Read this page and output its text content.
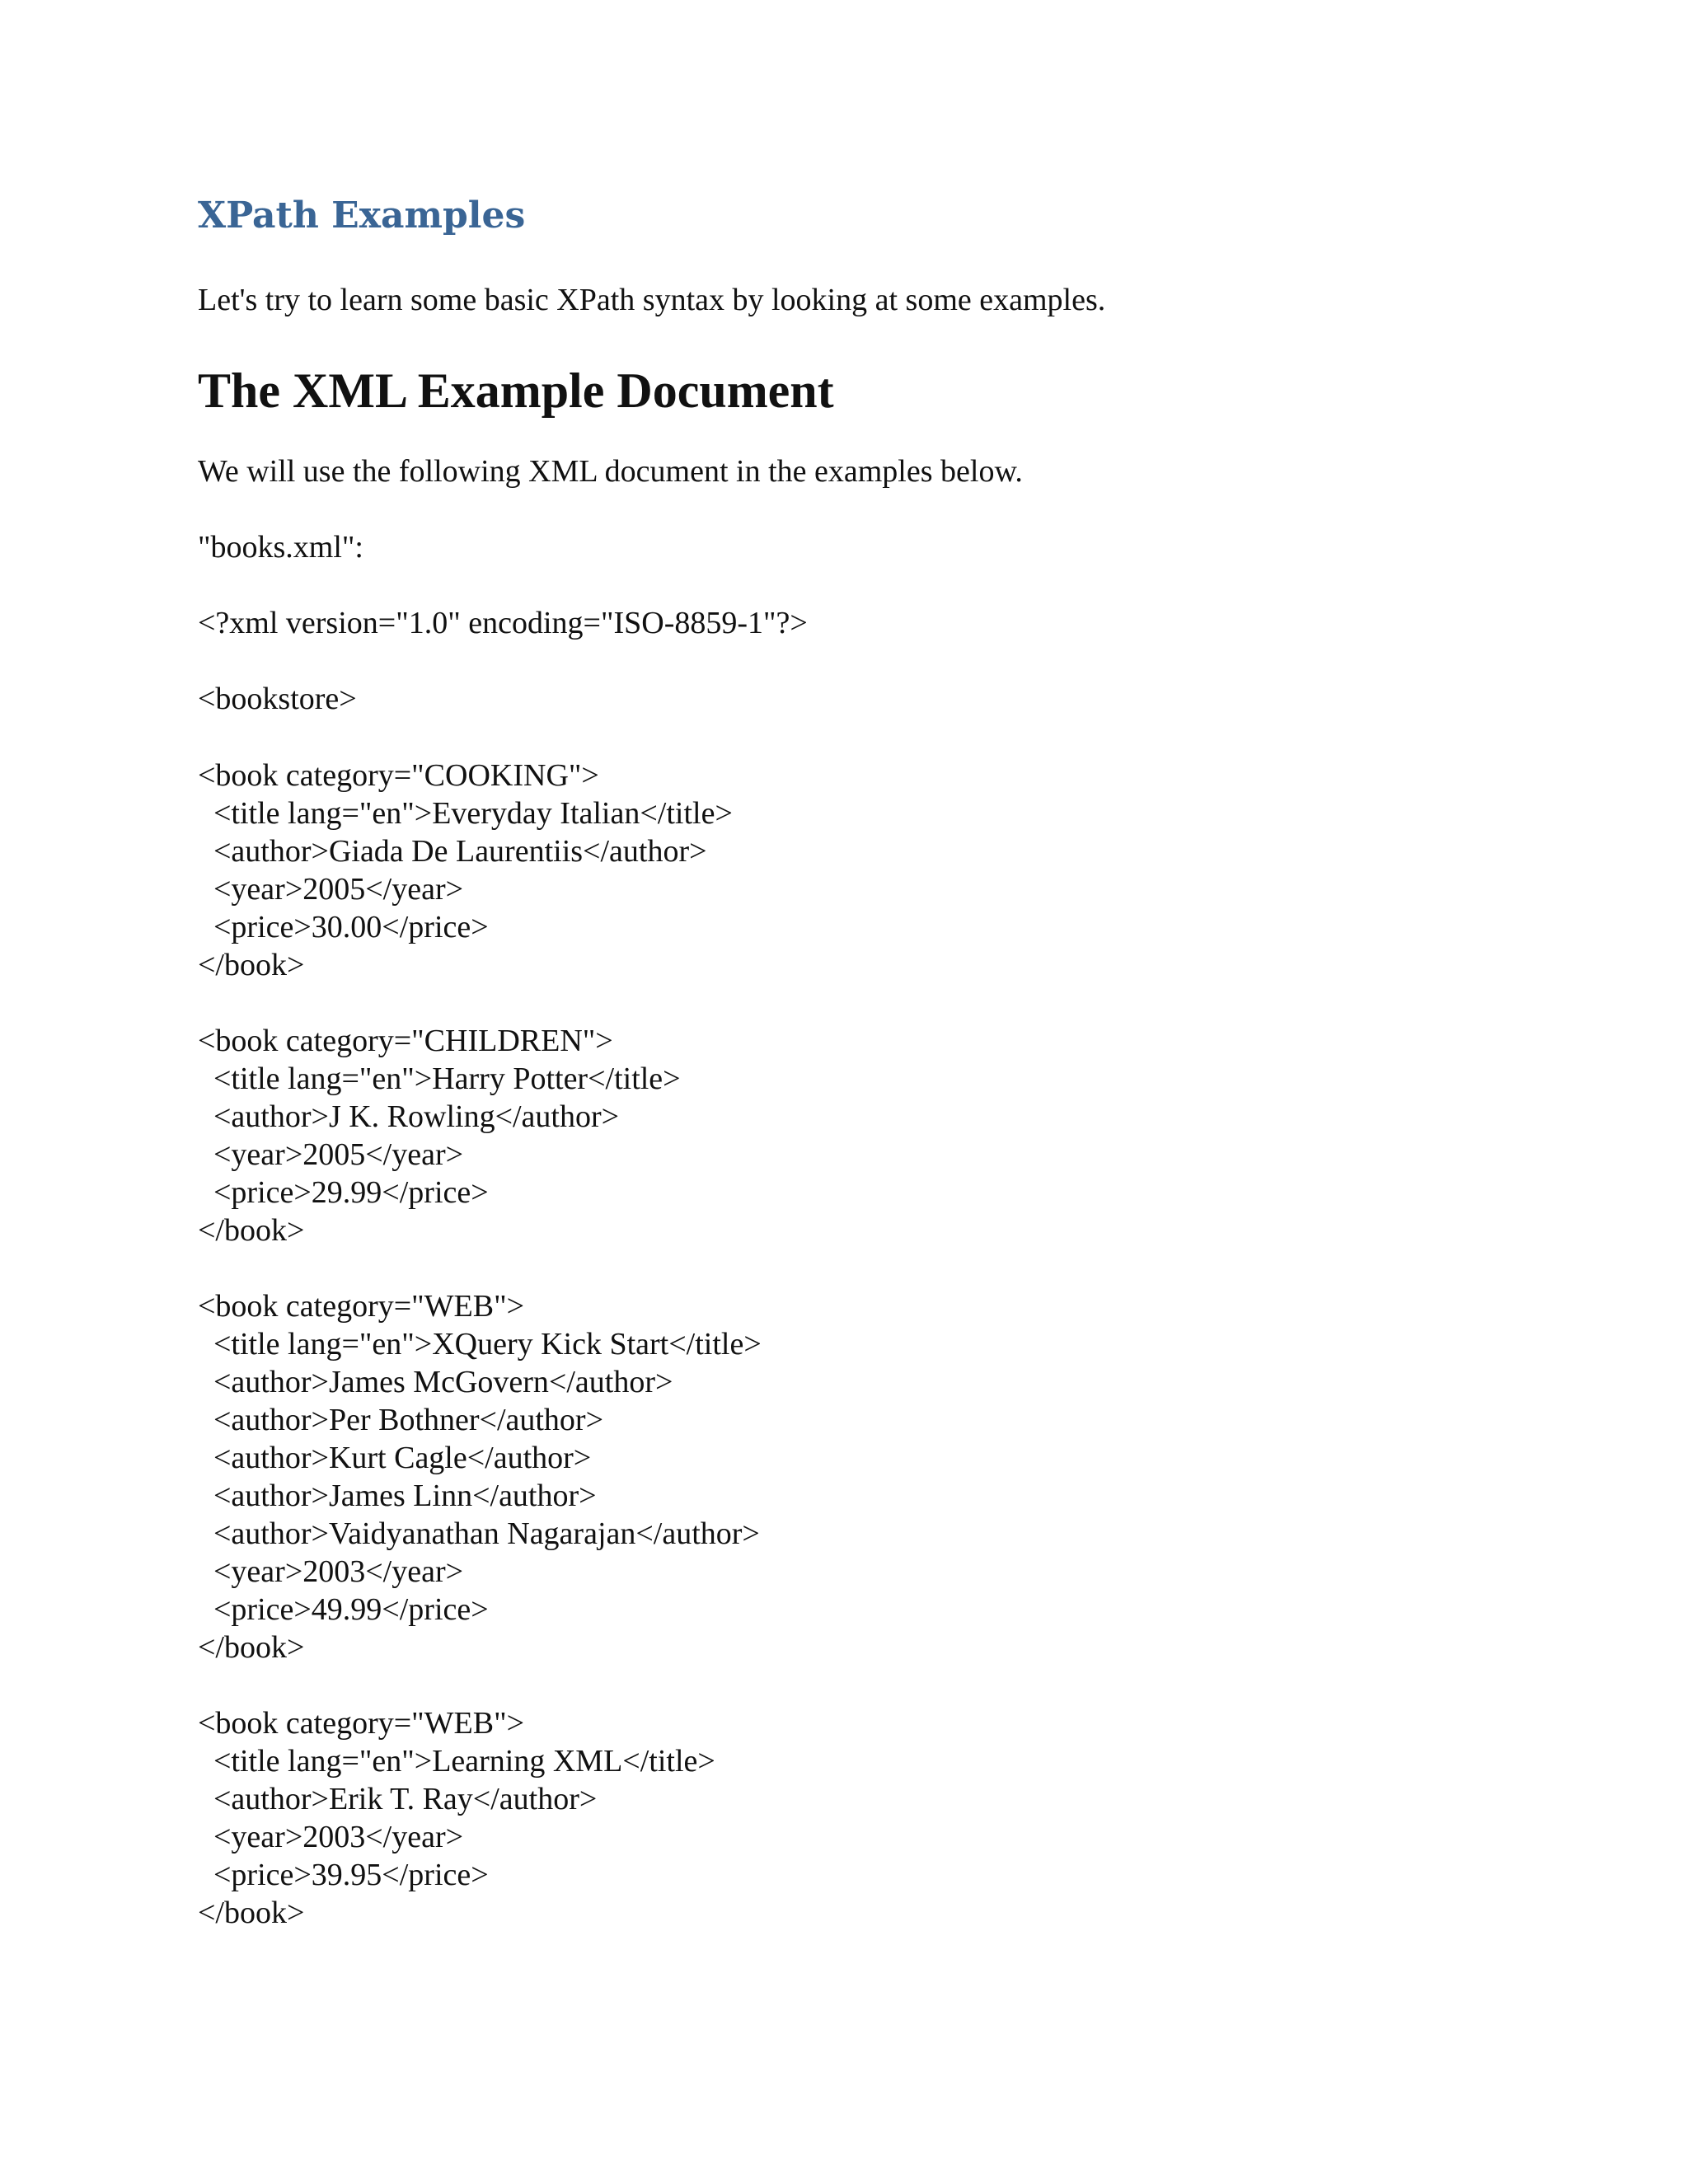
XPath Examples

Let's try to learn some basic XPath syntax by looking at some examples.

The XML Example Document

We will use the following XML document in the examples below.

"books.xml":

<?xml version="1.0" encoding="ISO-8859-1"?>

<bookstore>

<book category="COOKING">
<title lang="en">Everyday Italian</title>
<author>Giada De Laurentiis</author>
<year>2005</year>
<price>30.00</price>
</book>
<book category="CHILDREN">
<title lang="en">Harry Potter</title>
<author>J K. Rowling</author>
<year>2005</year>
<price>29.99</price>
</book>
<book category="WEB">
<title lang="en">XQuery Kick Start</title>
<author>James McGovern</author>
<author>Per Bothner</author>
<author>Kurt Cagle</author>
<author>James Linn</author>
<author>Vaidyanathan Nagarajan</author>
<year>2003</year>
<price>49.99</price>
</book>
<book category="WEB">
<title lang="en">Learning XML</title>
<author>Erik T. Ray</author>
<year>2003</year>
<price>39.95</price>
</book>
